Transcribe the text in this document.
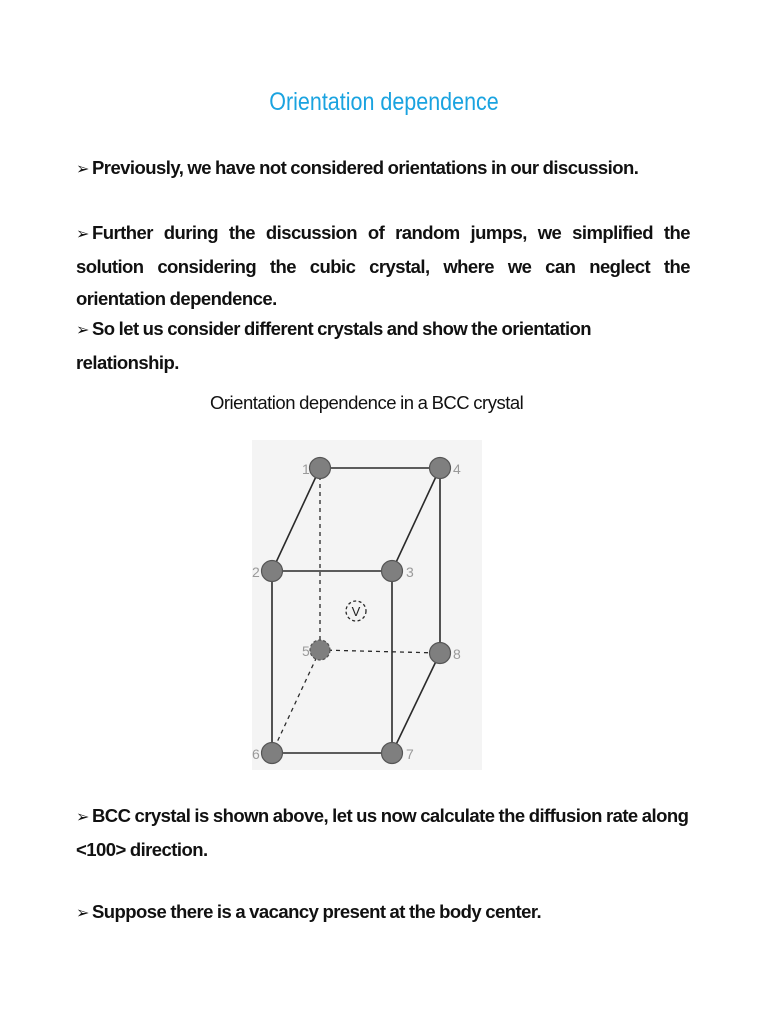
Orientation dependence
➢ Previously, we have not considered orientations in our discussion.
➢ Further during the discussion of random jumps, we simplified the solution considering the cubic crystal, where we can neglect the orientation dependence.
➢ So let us consider different crystals and show the orientation relationship.
Orientation dependence in a BCC crystal
V
1
2	3
4
5
6	7
8
➢ BCC crystal is shown above, let us now calculate the diffusion rate along <100> direction.
➢ Suppose there is a vacancy present at the body center.
